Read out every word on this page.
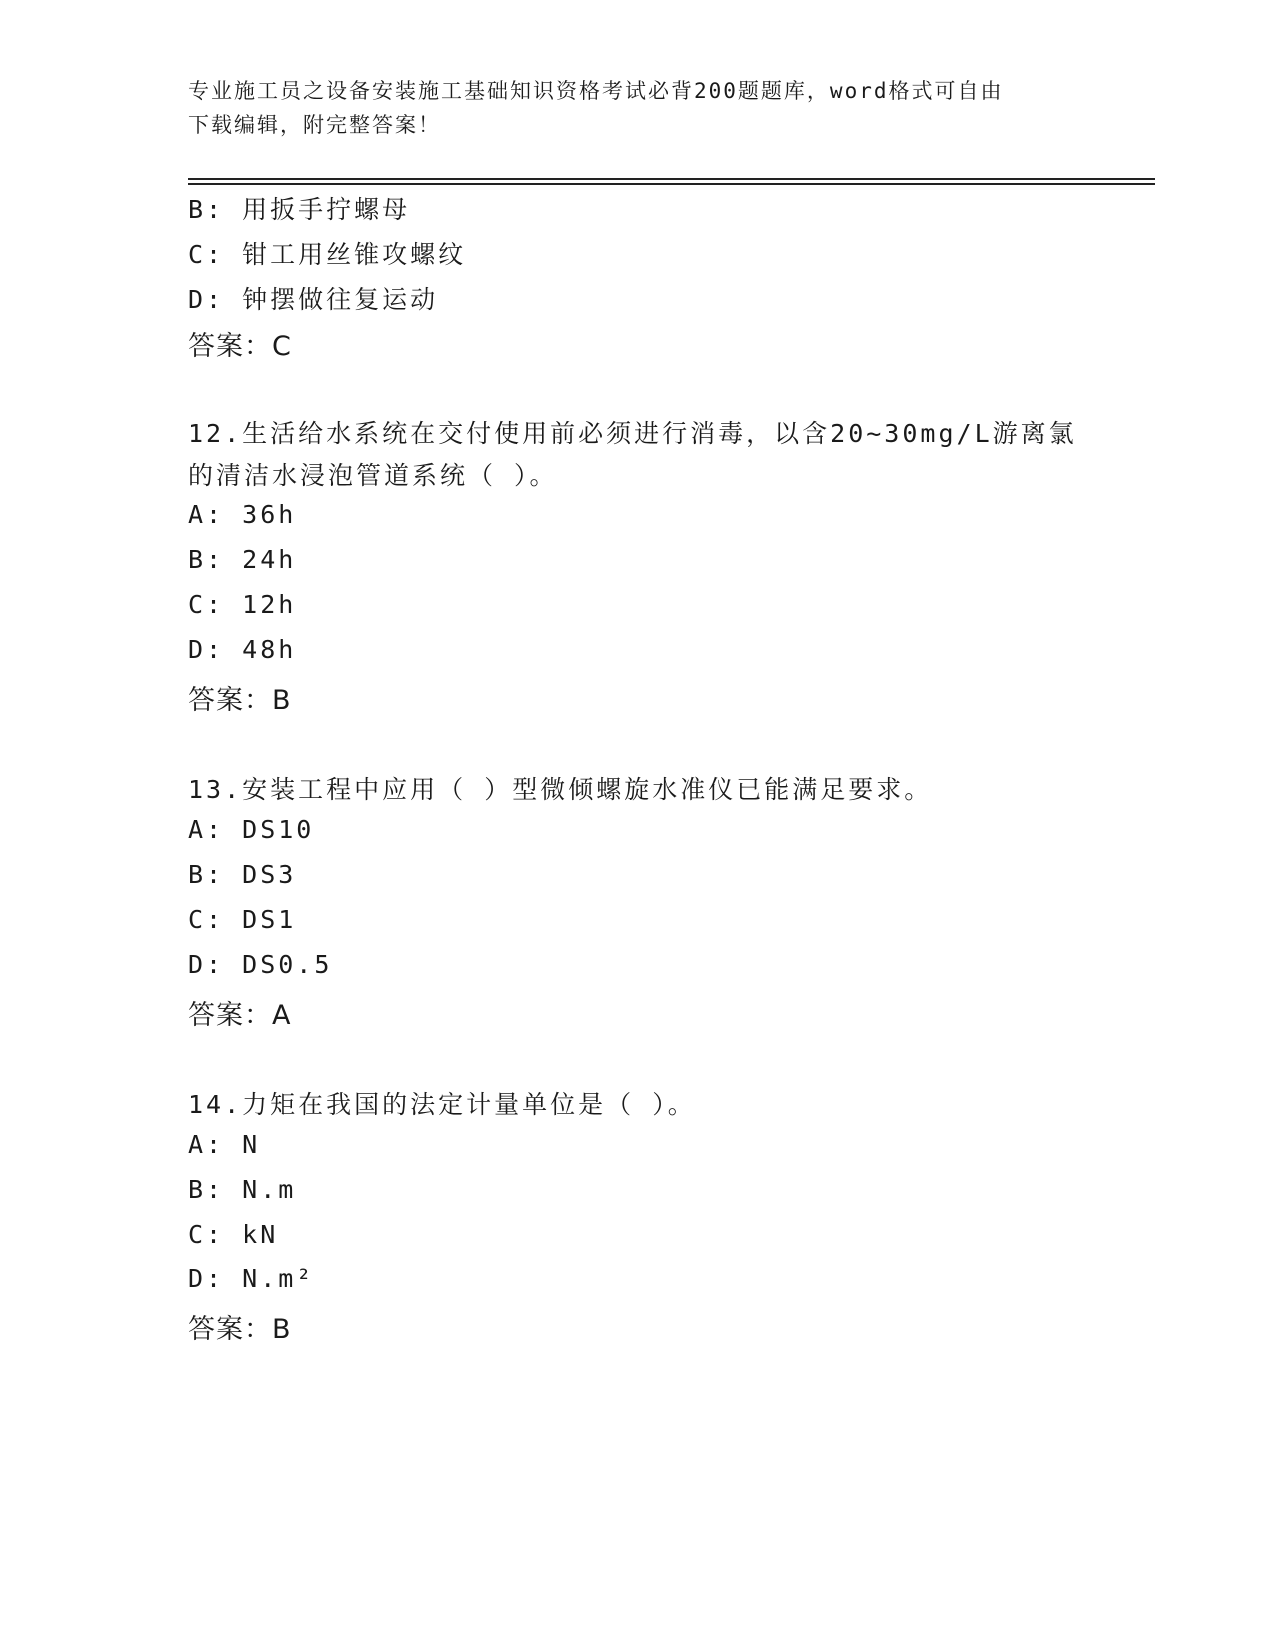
专业施工员之设备安装施工基础知识资格考试必背200题题库，word格式可自由
下载编辑，附完整答案！
B: 用扳手拧螺母
C: 钳工用丝锥攻螺纹
D: 钟摆做往复运动
答案：C
12.生活给水系统在交付使用前必须进行消毒，以含20~30mg/L游离氯
的清洁水浸泡管道系统（ ）。
A: 36h
B: 24h
C: 12h
D: 48h
答案：B
13.安装工程中应用（ ）型微倾螺旋水准仪已能满足要求。
A: DS10
B: DS3
C: DS1
D: DS0.5
答案：A
14.力矩在我国的法定计量单位是（ ）。
A: N
B: N.m
C: kN
D: N.m²
答案：B
